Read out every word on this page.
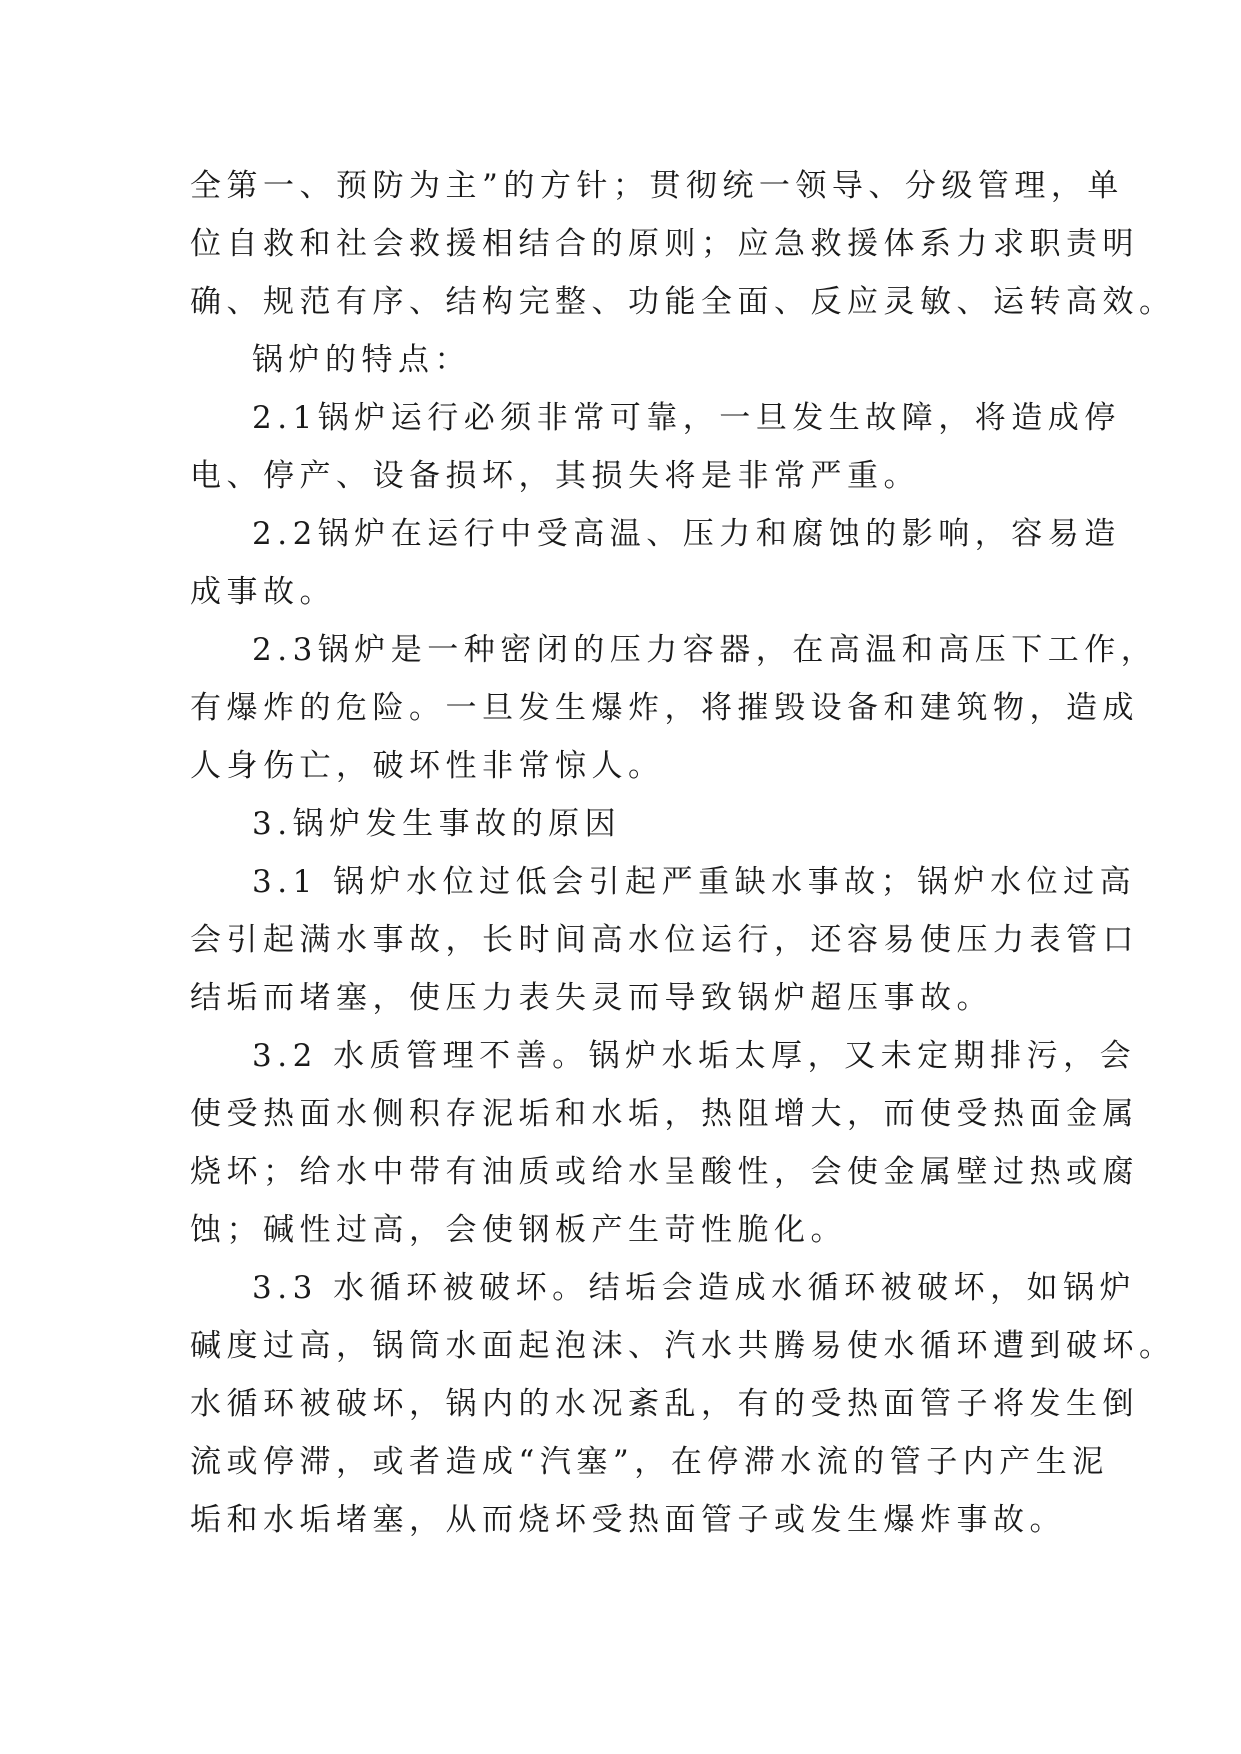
全第一、预防为主”的方针；贯彻统一领导、分级管理，单
位自救和社会救援相结合的原则；应急救援体系力求职责明
确、规范有序、结构完整、功能全面、反应灵敏、运转高效。
锅炉的特点：
2.1锅炉运行必须非常可靠，一旦发生故障，将造成停
电、停产、设备损坏，其损失将是非常严重。
2.2锅炉在运行中受高温、压力和腐蚀的影响，容易造
成事故。
2.3锅炉是一种密闭的压力容器，在高温和高压下工作，
有爆炸的危险。一旦发生爆炸，将摧毁设备和建筑物，造成
人身伤亡，破坏性非常惊人。
3.锅炉发生事故的原因
3.1 锅炉水位过低会引起严重缺水事故；锅炉水位过高
会引起满水事故，长时间高水位运行，还容易使压力表管口
结垢而堵塞，使压力表失灵而导致锅炉超压事故。
3.2 水质管理不善。锅炉水垢太厚，又未定期排污，会
使受热面水侧积存泥垢和水垢，热阻增大，而使受热面金属
烧坏；给水中带有油质或给水呈酸性，会使金属壁过热或腐
蚀；碱性过高，会使钢板产生苛性脆化。
3.3 水循环被破坏。结垢会造成水循环被破坏，如锅炉
碱度过高，锅筒水面起泡沫、汽水共腾易使水循环遭到破坏。
水循环被破坏，锅内的水况紊乱，有的受热面管子将发生倒
流或停滞，或者造成“汽塞”，在停滞水流的管子内产生泥
垢和水垢堵塞，从而烧坏受热面管子或发生爆炸事故。
